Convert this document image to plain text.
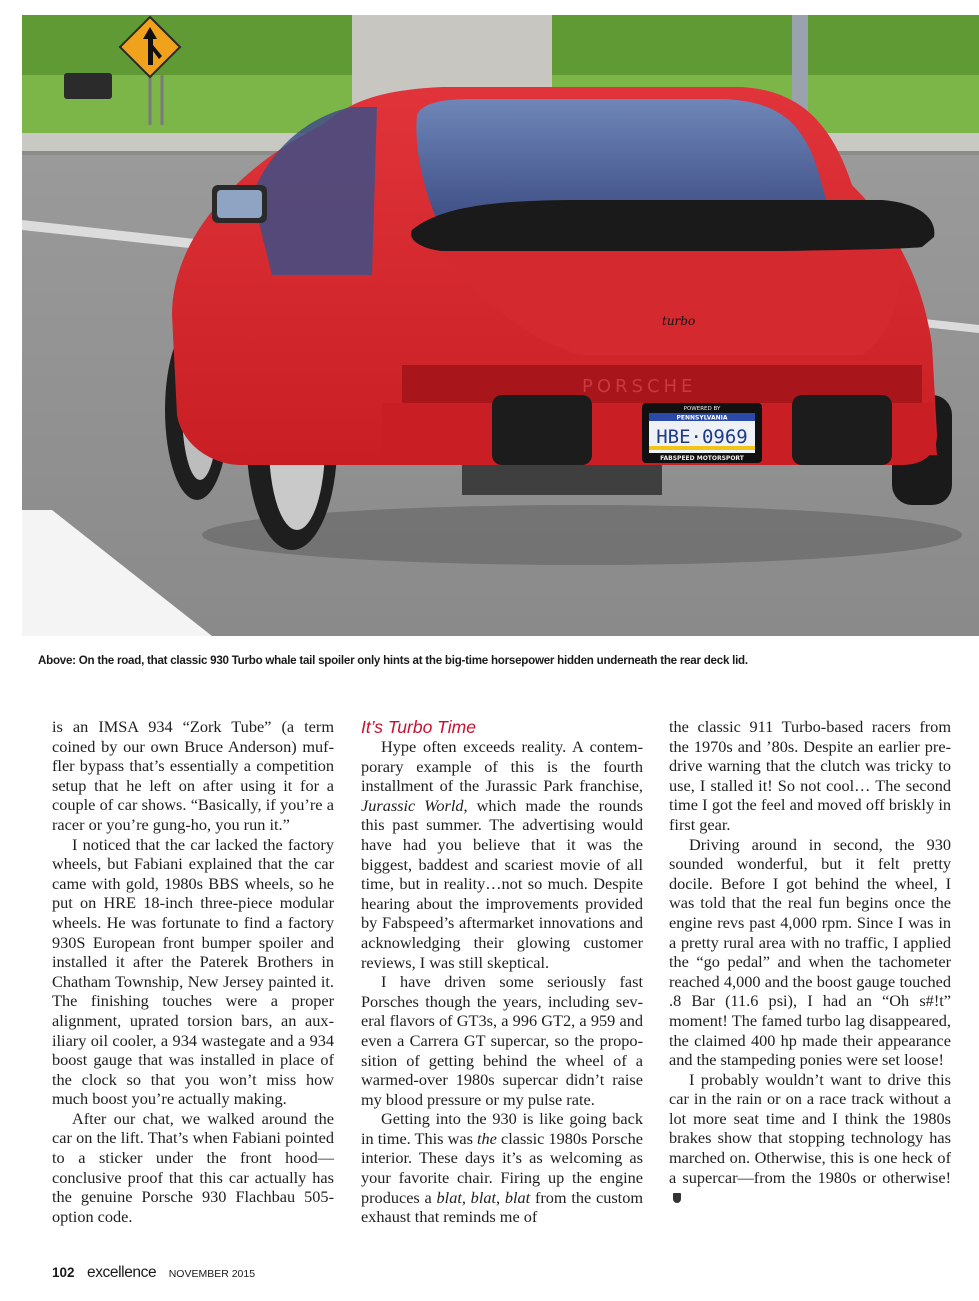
turbo
PORSCHE
POWERED BY
PENNSYLVANIA
HBE·0969
FABSPEED MOTORSPORT
Above: On the road, that classic 930 Turbo whale tail spoiler only hints at the big-time horsepower hidden underneath the rear deck lid.

is an IMSA 934 “Zork Tube” (a term coined by our own Bruce Anderson) muffler bypass that’s essentially a competition setup that he left on after using it for a couple of car shows. “Basically, if you’re a racer or you’re gung-ho, you run it.”

I noticed that the car lacked the factory wheels, but Fabiani explained that the car came with gold, 1980s BBS wheels, so he put on HRE 18-inch three-piece modular wheels. He was fortunate to find a factory 930S European front bumper spoiler and installed it after the Paterek Brothers in Chatham Township, New Jersey painted it. The finishing touches were a proper alignment, uprated torsion bars, an auxiliary oil cooler, a 934 wastegate and a 934 boost gauge that was installed in place of the clock so that you won’t miss how much boost you’re actually making.

After our chat, we walked around the car on the lift. That’s when Fabiani pointed to a sticker under the front hood—conclusive proof that this car actually has the genuine Porsche 930 Flachbau 505-option code.

It’s Turbo Time

Hype often exceeds reality. A contemporary example of this is the fourth installment of the Jurassic Park franchise, Jurassic World, which made the rounds this past summer. The advertising would have had you believe that it was the biggest, baddest and scariest movie of all time, but in reality…not so much. Despite hearing about the improvements provided by Fabspeed’s aftermarket innovations and acknowledging their glowing customer reviews, I was still skeptical.

I have driven some seriously fast Porsches though the years, including several flavors of GT3s, a 996 GT2, a 959 and even a Carrera GT supercar, so the proposition of getting behind the wheel of a warmed-over 1980s supercar didn’t raise my blood pressure or my pulse rate.

Getting into the 930 is like going back in time. This was the classic 1980s Porsche interior. These days it’s as welcoming as your favorite chair. Firing up the engine produces a blat, blat, blat from the custom exhaust that reminds me of

the classic 911 Turbo-based racers from the 1970s and ’80s. Despite an earlier pre-drive warning that the clutch was tricky to use, I stalled it! So not cool… The second time I got the feel and moved off briskly in first gear.

Driving around in second, the 930 sounded wonderful, but it felt pretty docile. Before I got behind the wheel, I was told that the real fun begins once the engine revs past 4,000 rpm. Since I was in a pretty rural area with no traffic, I applied the “go pedal” and when the tachometer reached 4,000 and the boost gauge touched .8 Bar (11.6 psi), I had an “Oh s#!t” moment! The famed turbo lag disappeared, the claimed 400 hp made their appearance and the stampeding ponies were set loose!

I probably wouldn’t want to drive this car in the rain or on a race track without a lot more seat time and I think the 1980s brakes show that stopping technology has marched on. Otherwise, this is one heck of a supercar—from the 1980s or otherwise!

102 excellence NOVEMBER 2015
